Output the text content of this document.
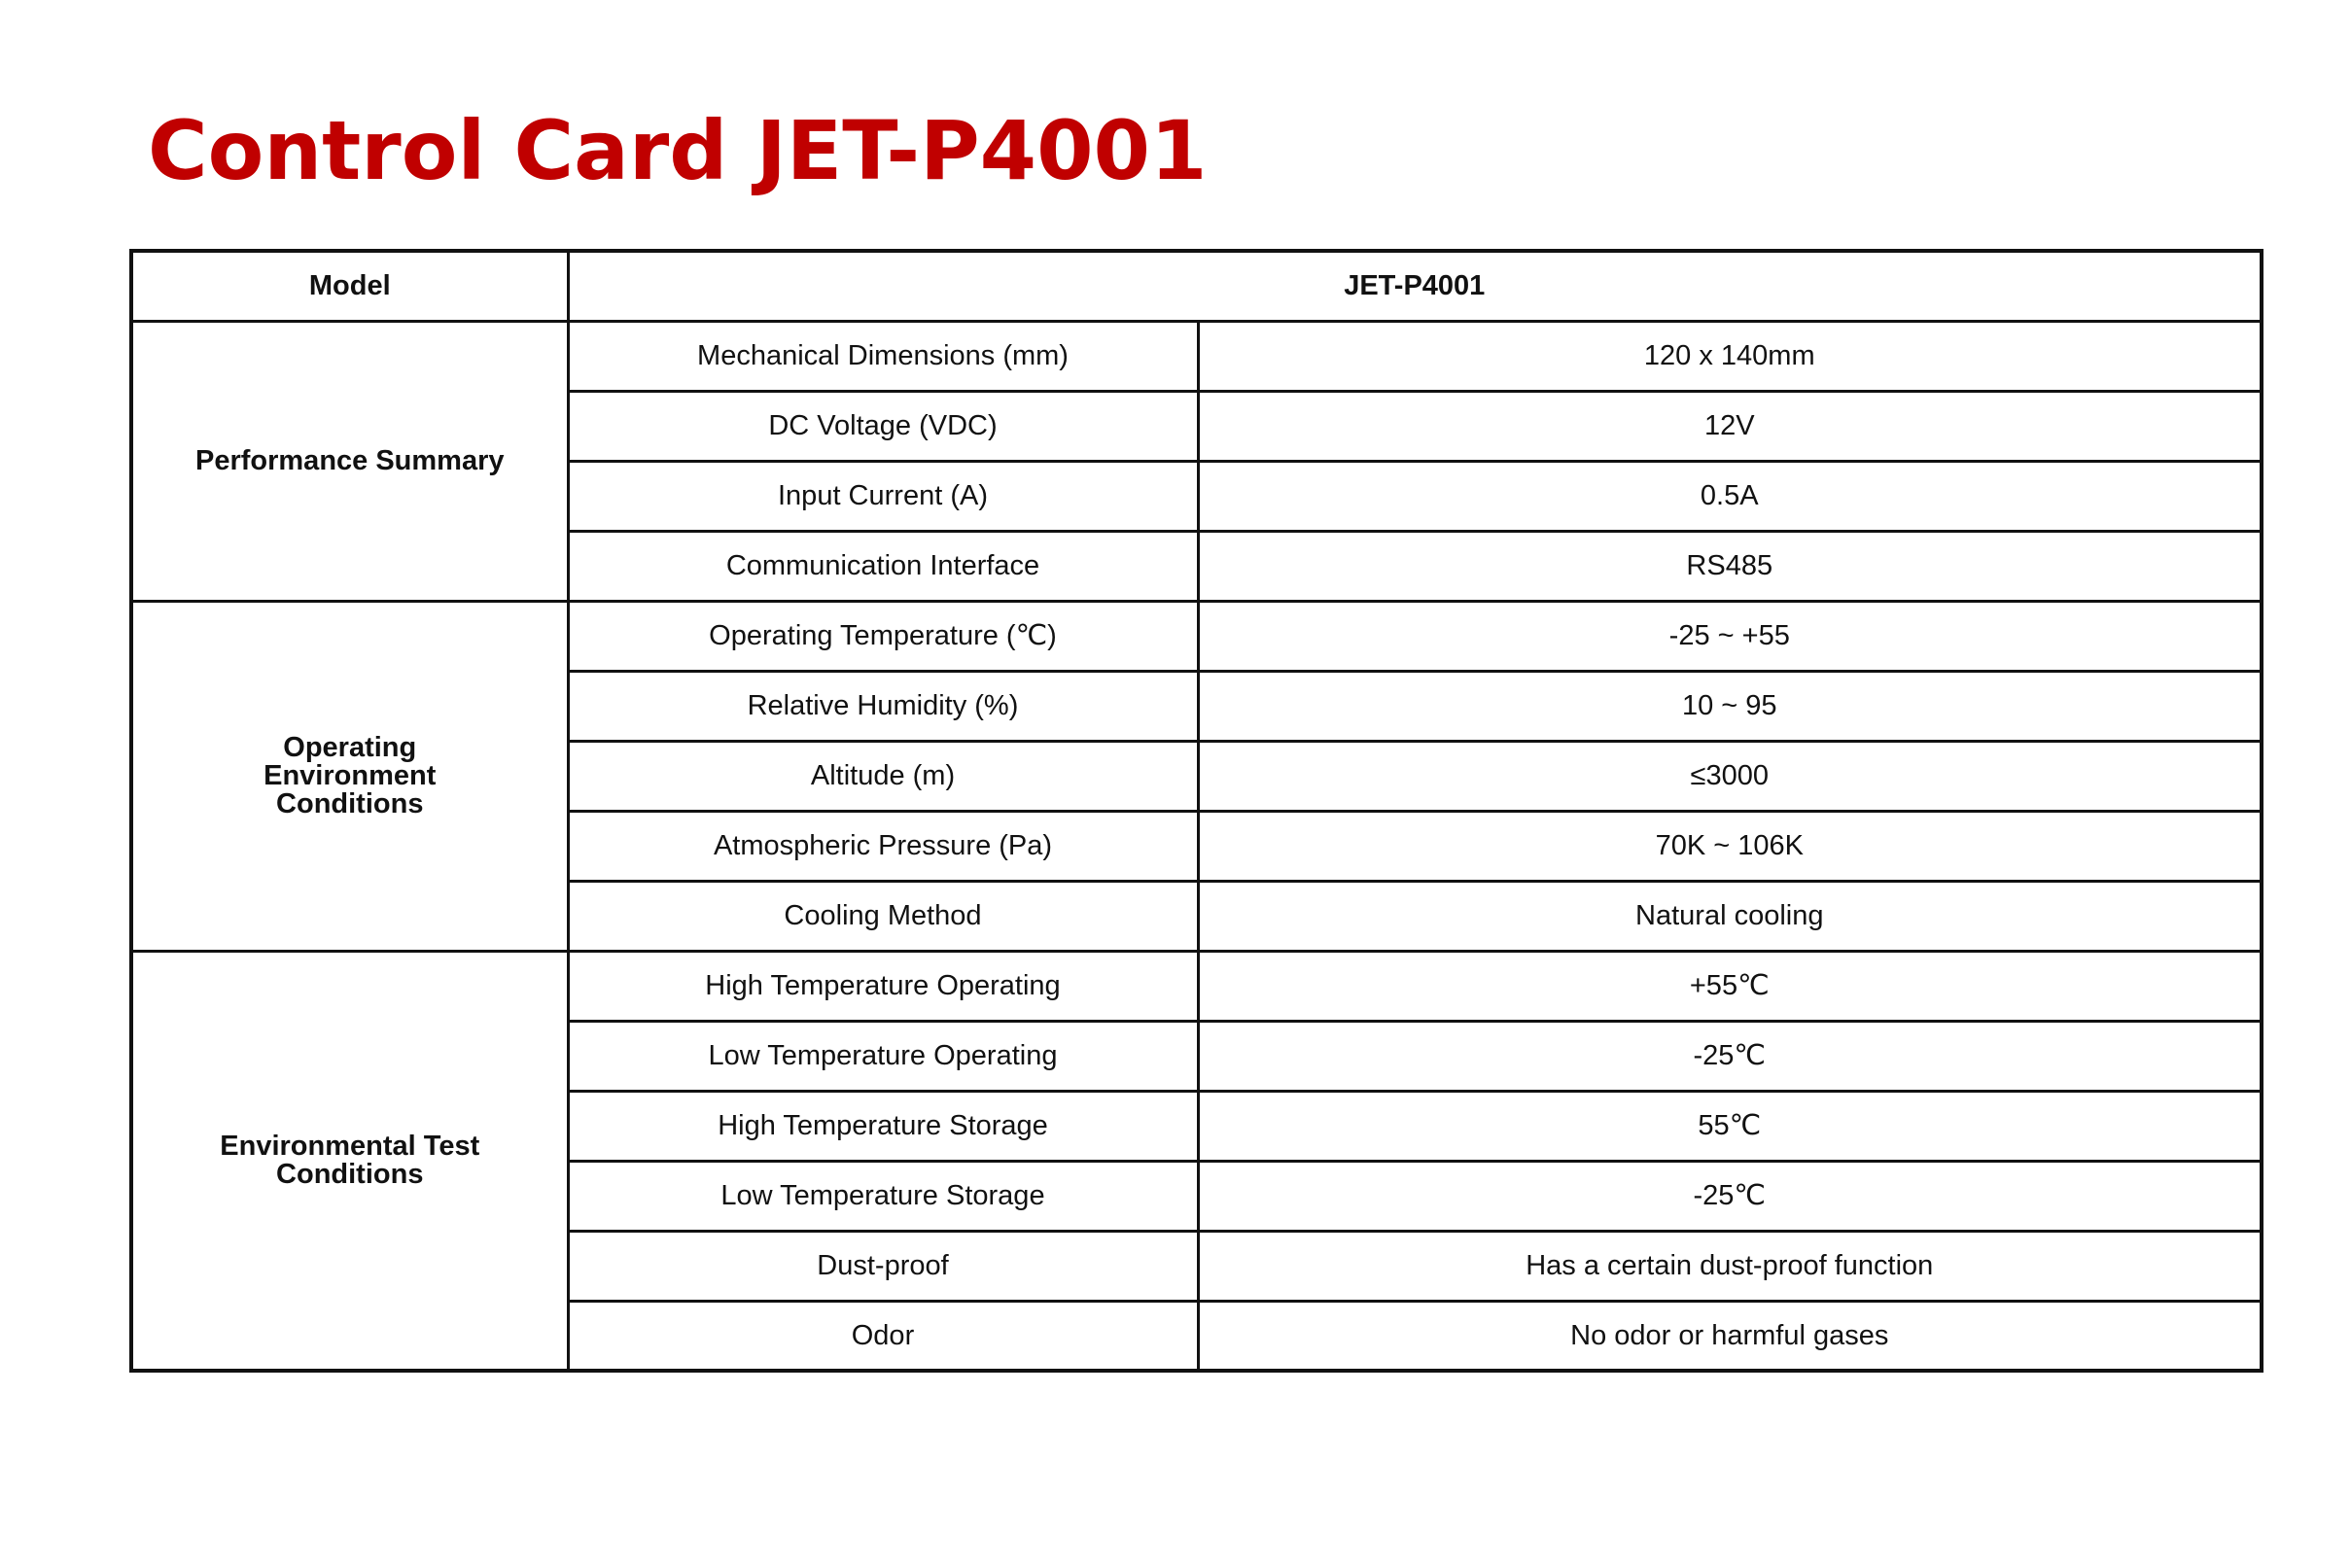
Control Card JET-P4001
Model	JET-P4001	
Performance Summary	Mechanical Dimensions (mm)	120 x 140mm
	DC Voltage (VDC)	12V
	Input Current (A)	0.5A
	Communication Interface	RS485

Operating Environment Conditions	Operating Temperature (℃)	-25 ~ +55
	Relative Humidity (%)	10 ~ 95
	Altitude (m)	≤3000
	Atmospheric Pressure (Pa)	70K ~ 106K
	Cooling Method	Natural cooling

Environmental Test Conditions	High Temperature Operating	+55℃
	Low Temperature Operating	-25℃
	High Temperature Storage	55℃
	Low Temperature Storage	-25℃
	Dust-proof	Has a certain dust-proof function
	Odor	No odor or harmful gases
